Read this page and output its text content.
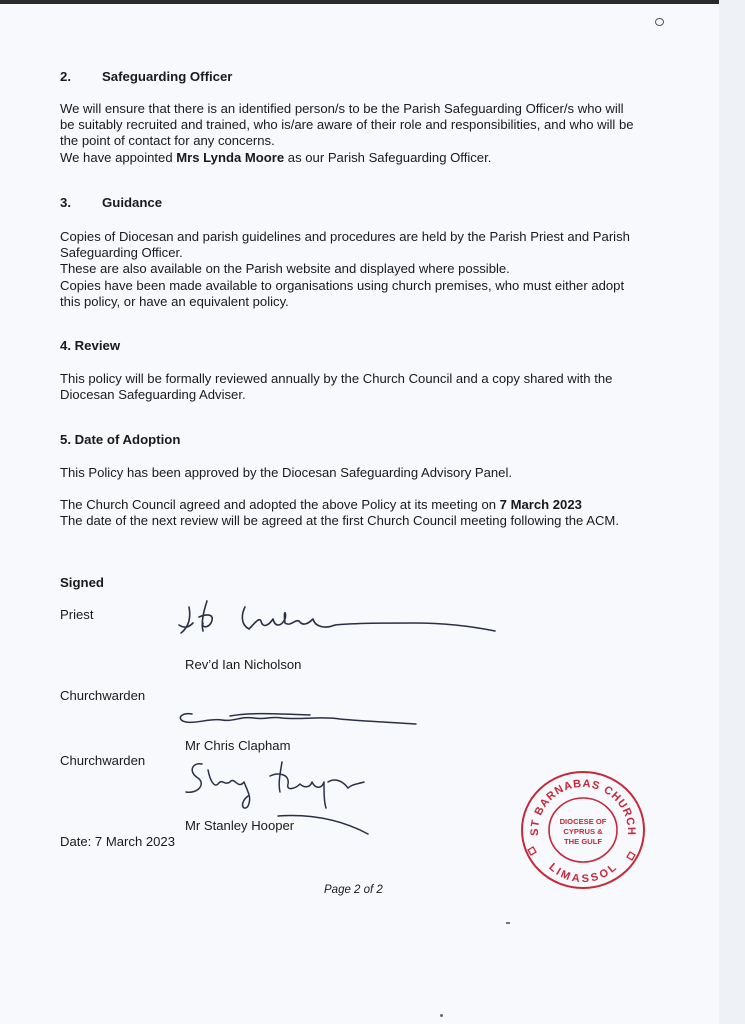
2. Safeguarding Officer
We will ensure that there is an identified person/s to be the Parish Safeguarding Officer/s who will be suitably recruited and trained, who is/are aware of their role and responsibilities, and who will be the point of contact for any concerns.
We have appointed Mrs Lynda Moore as our Parish Safeguarding Officer.
3. Guidance
Copies of Diocesan and parish guidelines and procedures are held by the Parish Priest and Parish Safeguarding Officer.
These are also available on the Parish website and displayed where possible.
Copies have been made available to organisations using church premises, who must either adopt this policy, or have an equivalent policy.
4. Review
This policy will be formally reviewed annually by the Church Council and a copy shared with the Diocesan Safeguarding Adviser.
5. Date of Adoption
This Policy has been approved by the Diocesan Safeguarding Advisory Panel.
The Church Council agreed and adopted the above Policy at its meeting on 7 March 2023
The date of the next review will be agreed at the first Church Council meeting following the ACM.
Signed
Priest
Rev’d Ian Nicholson
Churchwarden
Mr Chris Clapham
Churchwarden
Mr Stanley Hooper
Date: 7 March 2023
ST BARNABAS CHURCH
LIMASSOL
DIOCESE OF
CYPRUS &
THE GULF
Page 2 of 2
